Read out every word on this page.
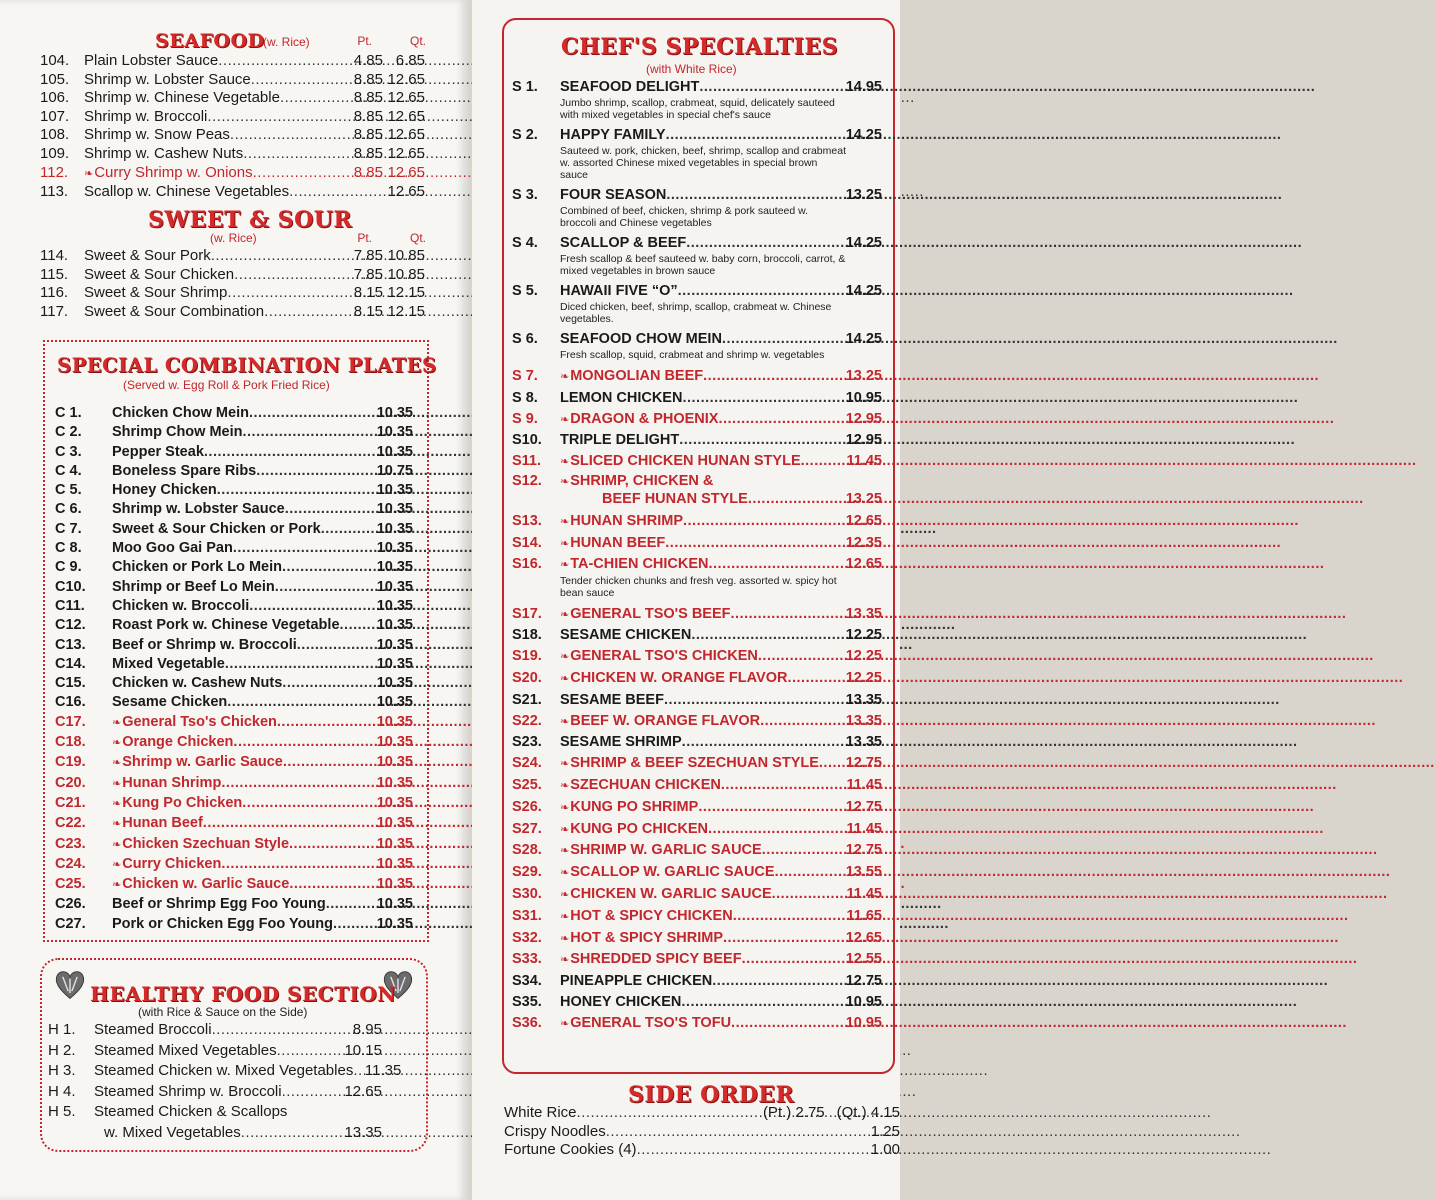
SEAFOOD
(w. Rice)	Pt.	Qt.
104. Plain Lobster Sauce .....	4.85 6.85
105. Shrimp w. Lobster Sauce .....	8.85 12.65
106. Shrimp w. Chinese Vegetable .....	8.85 12.65
107. Shrimp w. Broccoli .....	8.85 12.65
108. Shrimp w. Snow Peas .....	8.85 12.65
109. Shrimp w. Cashew Nuts .....	8.85 12.65
112.	❧Curry Shrimp w. Onions .....	8.85 12.65
113.	Scallop w. Chinese Vegetables .....	12.65
SWEET & SOUR
(w. Rice)	Pt.	Qt.
114.	Sweet & Sour Pork .....	7.85 10.85
115.	Sweet & Sour Chicken .....	7.85 10.85
116.	Sweet & Sour Shrimp .....	8.15 12.15
117.	Sweet & Sour Combination .....	8.15 12.15
SPECIAL COMBINATION PLATES
(Served w. Egg Roll & Pork Fried Rice)
C 1.	Chicken Chow Mein .....	10.35
C 2.	Shrimp Chow Mein .....	10.35
C 3.	Pepper Steak .....	10.35
C 4.	Boneless Spare Ribs .....	10.75
C 5.	Honey Chicken .....	10.35
C 6.	Shrimp w. Lobster Sauce .....	10.35
C 7.	Sweet & Sour Chicken or Pork .....	10.35
C 8.	Moo Goo Gai Pan .....	10.35
C 9.	Chicken or Pork Lo Mein .....	10.35
C10.	Shrimp or Beef Lo Mein .....	10.35
C11.	Chicken w. Broccoli .....	10.35
C12.	Roast Pork w. Chinese Vegetable .....	10.35
C13.	Beef or Shrimp w. Broccoli .....	10.35
C14.	Mixed Vegetable .....	10.35
C15.	Chicken w. Cashew Nuts .....	10.35
C16.	Sesame Chicken .....	10.35
C17.	❧General Tso's Chicken .....	10.35
C18.	❧Orange Chicken .....	10.35
C19.	❧Shrimp w. Garlic Sauce .....	10.35
C20.	❧Hunan Shrimp .....	10.35
C21.	❧Kung Po Chicken .....	10.35
C22.	❧Hunan Beef .....	10.35
C23.	❧Chicken Szechuan Style .....	10.35
C24.	❧Curry Chicken .....	10.35
C25.	❧Chicken w. Garlic Sauce .....	10.35
C26.	Beef or Shrimp Egg Foo Young .....	10.35
C27.	Pork or Chicken Egg Foo Young .....	10.35
HEALTHY FOOD SECTION
(with Rice & Sauce on the Side)
H 1.	Steamed Broccoli .....	8.95
H 2.	Steamed Mixed Vegetables .....	10.15
H 3.	Steamed Chicken w. Mixed Vegetables ..... 11.35
H 4.	Steamed Shrimp w. Broccoli .....	12.65
H 5.	Steamed Chicken & Scallops
w. Mixed Vegetables .....	13.35
CHEF'S SPECIALTIES
(with White Rice)
S 1.	SEAFOOD DELIGHT .....	14.95
Jumbo shrimp, scallop, crabmeat, squid, delicately sauteed with mixed vegetables in special chef's sauce
S 2.	HAPPY FAMILY .....	14.25
Sauteed w. pork, chicken, beef, shrimp, scallop and crabmeat w. assorted Chinese mixed vegetables in special brown sauce
S 3.	FOUR SEASON .....	13.25
Combined of beef, chicken, shrimp & pork sauteed w. broccoli and Chinese vegetables
S 4.	SCALLOP & BEEF .....	14.25
Fresh scallop & beef sauteed w. baby corn, broccoli, carrot, & mixed vegetables in brown sauce
S 5.	HAWAII FIVE “O” .....	14.25
Diced chicken, beef, shrimp, scallop, crabmeat w. Chinese vegetables.
S 6.	SEAFOOD CHOW MEIN .....	14.25
Fresh scallop, squid, crabmeat and shrimp w. vegetables
S 7.	❧MONGOLIAN BEEF .....	13.25
S 8.	LEMON CHICKEN .....	10.95
S 9.	❧DRAGON & PHOENIX .....	12.95
S10.	TRIPLE DELIGHT .....	12.95
S11.	❧SLICED CHICKEN HUNAN STYLE .....	11.45
S12.	❧SHRIMP, CHICKEN &
BEEF HUNAN STYLE .....	13.25
S13.	❧HUNAN SHRIMP .....	12.65
S14.	❧HUNAN BEEF .....	12.35
S16.	❧TA-CHIEN CHICKEN .....	12.65
Tender chicken chunks and fresh veg. assorted w. spicy hot bean sauce
S17.	❧GENERAL TSO'S BEEF .....	13.35
S18.	SESAME CHICKEN .....	12.25
S19.	❧GENERAL TSO'S CHICKEN .....	12.25
S20.	❧CHICKEN W. ORANGE FLAVOR .....	12.25
S21.	SESAME BEEF .....	13.35
S22.	❧BEEF W. ORANGE FLAVOR .....	13.35
S23.	SESAME SHRIMP .....	13.35
S24.	❧SHRIMP & BEEF SZECHUAN STYLE .....	12.75
S25.	❧SZECHUAN CHICKEN .....	11.45
S26.	❧KUNG PO SHRIMP .....	12.75
S27.	❧KUNG PO CHICKEN .....	11.45
S28.	❧SHRIMP W. GARLIC SAUCE .....	12.75
S29.	❧SCALLOP W. GARLIC SAUCE .....	13.55
S30.	❧CHICKEN W. GARLIC SAUCE .....	11.45
S31.	❧HOT & SPICY CHICKEN .....	11.65
S32.	❧HOT & SPICY SHRIMP .....	12.65
S33.	❧SHREDDED SPICY BEEF .....	12.55
S34.	PINEAPPLE CHICKEN .....	12.75
S35.	HONEY CHICKEN .....	10.95
S36.	❧GENERAL TSO'S TOFU .....	10.95
SIDE ORDER
White Rice .....	(Pt.) 2.75 (Qt.) 4.15
Crispy Noodles .....	1.25
Fortune Cookies (4) .....	1.00
